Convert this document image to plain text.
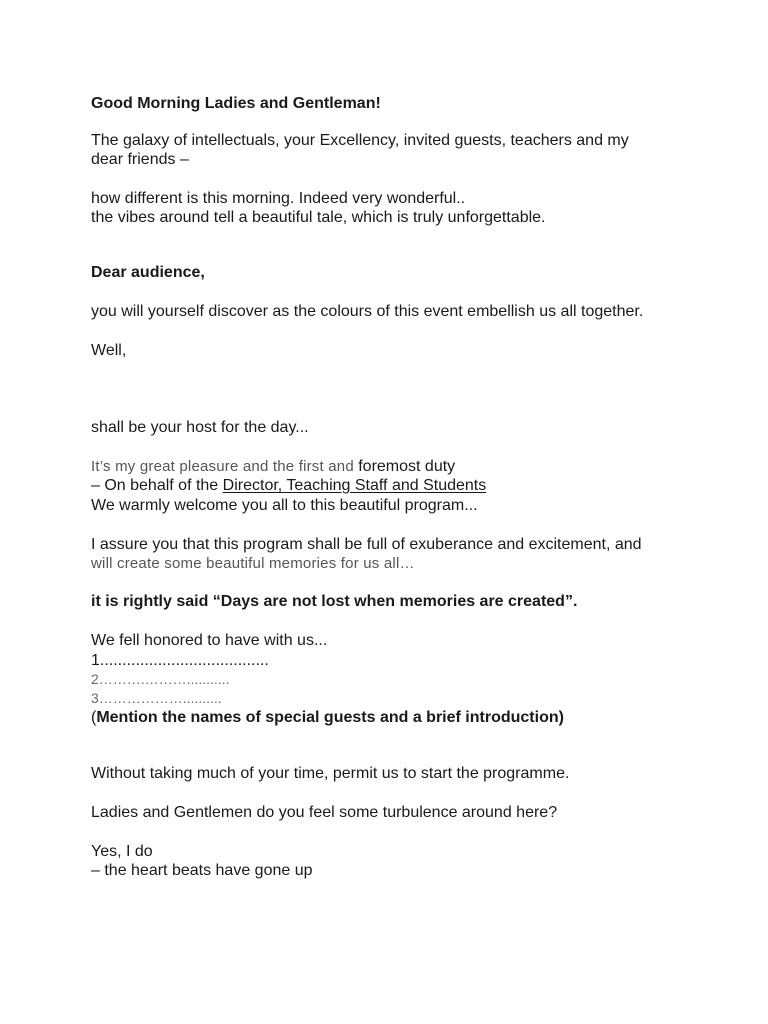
Good Morning Ladies and Gentleman!
The galaxy of intellectuals, your Excellency, invited guests, teachers and my
dear friends –
how different is this morning. Indeed very wonderful..
the vibes around tell a beautiful tale, which is truly unforgettable.
Dear audience,
you will yourself discover as the colours of this event embellish us all together.
Well,
shall be your host for the day...
It’s my great pleasure and the first and foremost duty
– On behalf of the Director, Teaching Staff and Students
We warmly welcome you all to this beautiful program...
I assure you that this program shall be full of exuberance and excitement, and
will create some beautiful memories for us all…
it is rightly said “Days are not lost when memories are created”.
We fell honored to have with us...
1......................................
2……….………...........
3………………..........
(Mention the names of special guests and a brief introduction)
Without taking much of your time, permit us to start the programme.
Ladies and Gentlemen do you feel some turbulence around here?
Yes, I do
– the heart beats have gone up
